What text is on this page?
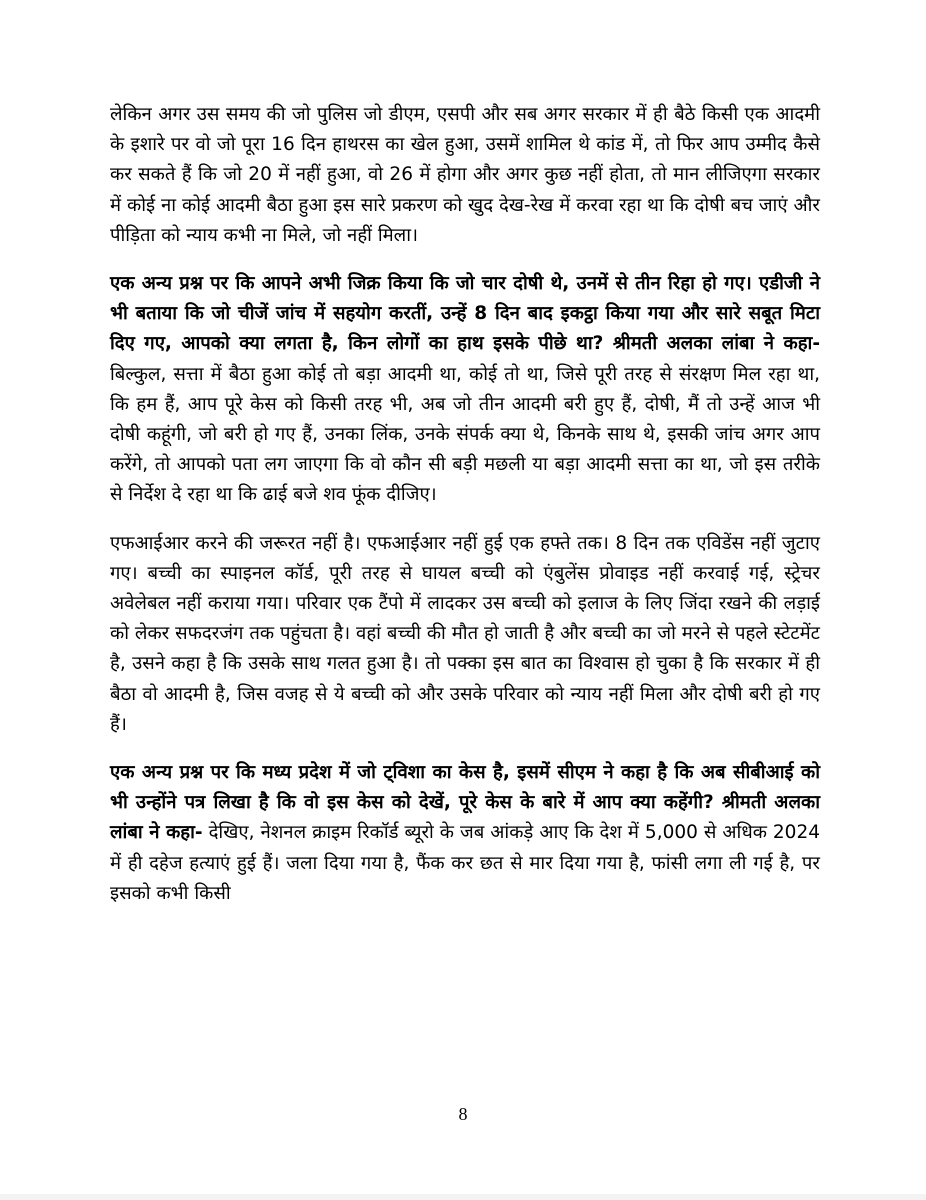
लेकिन अगर उस समय की जो पुलिस जो डीएम, एसपी और सब अगर सरकार में ही बैठे किसी एक आदमी के इशारे पर वो जो पूरा 16 दिन हाथरस का खेल हुआ, उसमें शामिल थे कांड में, तो फिर आप उम्मीद कैसे कर सकते हैं कि जो 20 में नहीं हुआ, वो 26 में होगा और अगर कुछ नहीं होता, तो मान लीजिएगा सरकार में कोई ना कोई आदमी बैठा हुआ इस सारे प्रकरण को खुद देख-रेख में करवा रहा था कि दोषी बच जाएं और पीड़िता को न्याय कभी ना मिले, जो नहीं मिला।

एक अन्य प्रश्न पर कि आपने अभी जिक्र किया कि जो चार दोषी थे, उनमें से तीन रिहा हो गए। एडीजी ने भी बताया कि जो चीजें जांच में सहयोग करतीं, उन्हें 8 दिन बाद इकट्ठा किया गया और सारे सबूत मिटा दिए गए, आपको क्या लगता है, किन लोगों का हाथ इसके पीछे था? श्रीमती अलका लांबा ने कहा- बिल्कुल, सत्ता में बैठा हुआ कोई तो बड़ा आदमी था, कोई तो था, जिसे पूरी तरह से संरक्षण मिल रहा था, कि हम हैं, आप पूरे केस को किसी तरह भी, अब जो तीन आदमी बरी हुए हैं, दोषी, मैं तो उन्हें आज भी दोषी कहूंगी, जो बरी हो गए हैं, उनका लिंक, उनके संपर्क क्या थे, किनके साथ थे, इसकी जांच अगर आप करेंगे, तो आपको पता लग जाएगा कि वो कौन सी बड़ी मछली या बड़ा आदमी सत्ता का था, जो इस तरीके से निर्देश दे रहा था कि ढाई बजे शव फूंक दीजिए।

एफआईआर करने की जरूरत नहीं है। एफआईआर नहीं हुई एक हफ्ते तक। 8 दिन तक एविडेंस नहीं जुटाए गए। बच्ची का स्पाइनल कॉर्ड, पूरी तरह से घायल बच्ची को एंबुलेंस प्रोवाइड नहीं करवाई गई, स्ट्रेचर अवेलेबल नहीं कराया गया। परिवार एक टैंपो में लादकर उस बच्ची को इलाज के लिए जिंदा रखने की लड़ाई को लेकर सफदरजंग तक पहुंचता है। वहां बच्ची की मौत हो जाती है और बच्ची का जो मरने से पहले स्टेटमेंट है, उसने कहा है कि उसके साथ गलत हुआ है। तो पक्का इस बात का विश्वास हो चुका है कि सरकार में ही बैठा वो आदमी है, जिस वजह से ये बच्ची को और उसके परिवार को न्याय नहीं मिला और दोषी बरी हो गए हैं।

एक अन्य प्रश्न पर कि मध्य प्रदेश में जो ट्विशा का केस है, इसमें सीएम ने कहा है कि अब सीबीआई को भी उन्होंने पत्र लिखा है कि वो इस केस को देखें, पूरे केस के बारे में आप क्या कहेंगी? श्रीमती अलका लांबा ने कहा- देखिए, नेशनल क्राइम रिकॉर्ड ब्यूरो के जब आंकड़े आए कि देश में 5,000 से अधिक 2024 में ही दहेज हत्याएं हुई हैं। जला दिया गया है, फैंक कर छत से मार दिया गया है, फांसी लगा ली गई है, पर इसको कभी किसी

8
